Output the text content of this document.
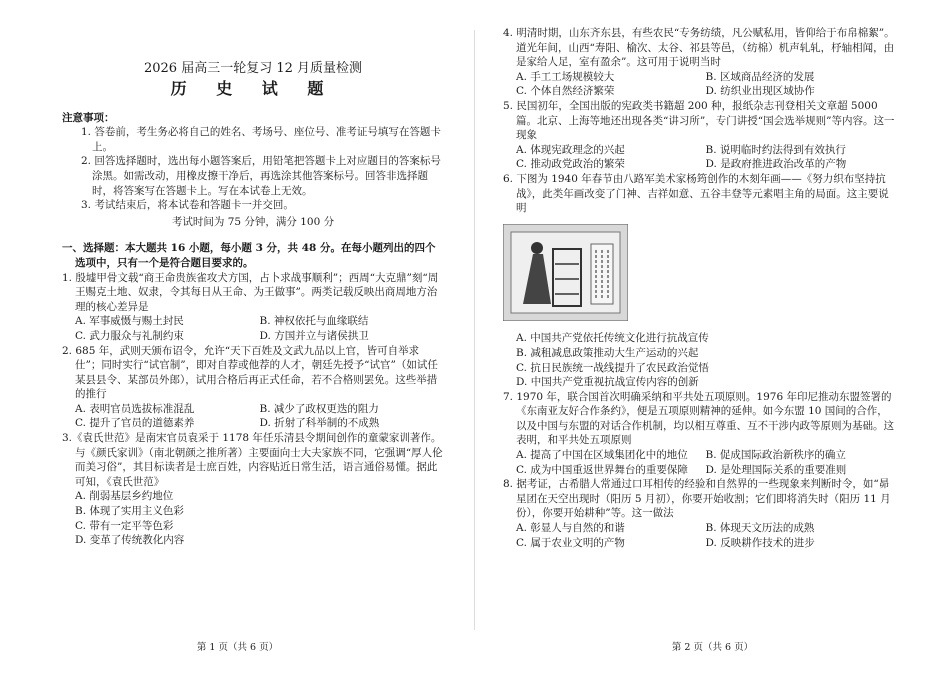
2026 届高三一轮复习 12 月质量检测
历 史 试 题
注意事项：
1. 答卷前，考生务必将自己的姓名、考场号、座位号、准考证号填写在答题卡上。
2. 回答选择题时，选出每小题答案后，用铅笔把答题卡上对应题目的答案标号涂黑。如需改动，用橡皮擦干净后，再选涂其他答案标号。回答非选择题时，将答案写在答题卡上。写在本试卷上无效。
3. 考试结束后，将本试卷和答题卡一并交回。
考试时间为 75 分钟，满分 100 分
一、选择题：本大题共 16 小题，每小题 3 分，共 48 分。在每小题列出的四个选项中，只有一个是符合题目要求的。
1. 殷墟甲骨文载“商王命贵族雀攻犬方国，占卜求战事顺利”；西周“大克鼎”刻“周王赐克土地、奴隶，令其每日从王命、为王做事”。两类记载反映出商周地方治理的核心差异是
A. 军事威慑与赐土封民	B. 神权依托与血缘联结
C. 武力服众与礼制约束	D. 方国并立与诸侯拱卫
2. 685 年，武则天颁布诏令，允许“天下百姓及文武九品以上官，皆可自举求仕”；同时实行“试官制”，即对自荐或他荐的人才，朝廷先授予“试官”（如试任某县县令、某部员外郎），试用合格后再正式任命，若不合格则罢免。这些举措的推行
A. 表明官员选拔标准混乱	B. 减少了政权更迭的阻力
C. 提升了官员的道德素养	D. 折射了科举制的不成熟
3.《袁氏世范》是南宋官员袁采于 1178 年任乐清县令期间创作的童蒙家训著作。与《颜氏家训》（南北朝颜之推所著）主要面向士大夫家族不同，它强调“厚人伦而美习俗”，其目标读者是士庶百姓，内容贴近日常生活，语言通俗易懂。据此可知，《袁氏世范》
A. 削弱基层乡约地位
B. 体现了实用主义色彩
C. 带有一定平等色彩
D. 变革了传统教化内容
第 1 页（共 6 页）
4. 明清时期，山东齐东县，有些农民“专务纺绩，凡公赋私用，皆仰给于布帛棉絮”。道光年间，山西“寿阳、榆次、太谷、祁县等邑，（纺棉）机声轧轧，杼轴相闻，由是家给人足，室有盈余”。这可用于说明当时
A. 手工工场规模较大	B. 区域商品经济的发展
C. 个体自然经济繁荣	D. 纺织业出现区域协作
5. 民国初年，全国出版的宪政类书籍超 200 种，报纸杂志刊登相关文章超 5000 篇。北京、上海等地还出现各类“讲习所”，专门讲授“国会选举规则”等内容。这一现象
A. 体现宪政理念的兴起	B. 说明临时约法得到有效执行
C. 推动政党政治的繁荣	D. 是政府推进政治改革的产物
6. 下图为 1940 年春节由八路军美术家杨筠创作的木刻年画——《努力织布坚持抗战》，此类年画改变了门神、吉祥如意、五谷丰登等元素唱主角的局面。这主要说明
A. 中国共产党依托传统文化进行抗战宣传
B. 减租减息政策推动大生产运动的兴起
C. 抗日民族统一战线提升了农民政治觉悟
D. 中国共产党重视抗战宣传内容的创新
7. 1970 年，联合国首次明确采纳和平共处五项原则。1976 年印尼推动东盟签署的《东南亚友好合作条约》，便是五项原则精神的延伸。如今东盟 10 国间的合作，以及中国与东盟的对话合作机制，均以相互尊重、互不干涉内政等原则为基础。这表明，和平共处五项原则
A. 提高了中国在区域集团化中的地位	B. 促成国际政治新秩序的确立
C. 成为中国重返世界舞台的重要保障	D. 是处理国际关系的重要准则
8. 据考证，古希腊人常通过口耳相传的经验和自然界的一些现象来判断时令，如“昴星团在天空出现时（阳历 5 月初），你要开始收割；它们即将消失时（阳历 11 月份），你要开始耕种”等。这一做法
A. 彰显人与自然的和谐	B. 体现天文历法的成熟
C. 属于农业文明的产物	D. 反映耕作技术的进步
第 2 页（共 6 页）
